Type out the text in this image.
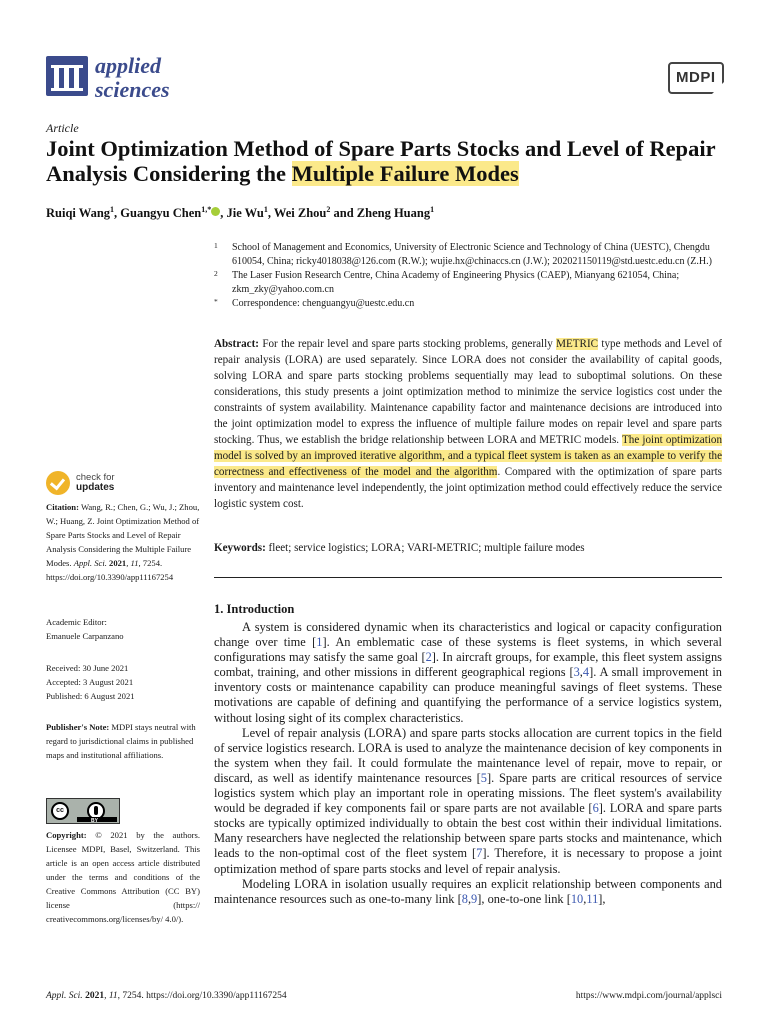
applied
sciences	MDPI
Article
Joint Optimization Method of Spare Parts Stocks and Level of Repair Analysis Considering the Multiple Failure Modes
Ruiqi Wang$^1$, Guangyu Chen$^{1,*}$ , Jie Wu$^1$, Wei Zhou$^2$ and Zheng Huang$^1$
1 School of Management and Economics, University of Electronic Science and Technology of China (UESTC), Chengdu 610054, China; ricky4018038@126.com (R.W.); wujie.hx@chinaccs.cn (J.W.); 202021150119@std.uestc.edu.cn (Z.H.)
2 The Laser Fusion Research Centre, China Academy of Engineering Physics (CAEP), Mianyang 621054, China; zkm_zky@yahoo.com.cn
* Correspondence: chenguangyu@uestc.edu.cn
Abstract: For the repair level and spare parts stocking problems, generally METRIC type methods and Level of repair analysis (LORA) are used separately. Since LORA does not consider the availability of capital goods, solving LORA and spare parts stocking problems sequentially may lead to suboptimal solutions. On these considerations, this study presents a joint optimization method to minimize the service logistics cost under the constraints of system availability. Maintenance capability factor and maintenance decisions are introduced into the joint optimization model to express the influence of multiple failure modes on repair level and spare parts stocking. Thus, we establish the bridge relationship between LORA and METRIC models. The joint optimization model is solved by an improved iterative algorithm, and a typical fleet system is taken as an example to verify the correctness and effectiveness of the model and the algorithm. Compared with the optimization of spare parts inventory and maintenance level independently, the joint optimization method could effectively reduce the service logistic system cost.
Keywords: fleet; service logistics; LORA; VARI-METRIC; multiple failure modes
1. Introduction

A system is considered dynamic when its characteristics and logical or capacity configuration change over time [1]. An emblematic case of these systems is fleet systems, in which several configurations may satisfy the same goal [2]. In aircraft groups, for example, this fleet system assigns combat, training, and other missions in different geographical regions [3,4]. A small improvement in inventory costs or maintenance capability can produce meaningful savings of fleet systems. These motivations are capable of defining and quantifying the performance of a service logistics system, without losing sight of its complex characteristics.

Level of repair analysis (LORA) and spare parts stocks allocation are current topics in the field of service logistics research. LORA is used to analyze the maintenance decision of key components in the system when they fail. It could formulate the maintenance level of repair, move to repair, or discard, as well as identify maintenance resources [5]. Spare parts are critical resources of service logistics system which play an important role in operating missions. The fleet system's availability would be degraded if key components fail or spare parts are not available [6]. LORA and spare parts stocks are typically optimized individually to obtain the best cost within their individual limitations. Many researchers have neglected the relationship between spare parts stocks and maintenance, which leads to the non-optimal cost of the fleet system [7]. Therefore, it is necessary to propose a joint optimization method of spare parts stocks and level of repair analysis.

Modeling LORA in isolation usually requires an explicit relationship between components and maintenance resources such as one-to-many link [8,9], one-to-one link [10,11],

check for
updates
Citation: Wang, R.; Chen, G.; Wu, J.; Zhou, W.; Huang, Z. Joint Optimization Method of Spare Parts Stocks and Level of Repair Analysis Considering the Multiple Failure Modes. Appl. Sci. 2021, 11, 7254. https://doi.org/10.3390/app11167254
Academic Editor:
Emanuele Carpanzano
Received: 30 June 2021
Accepted: 3 August 2021
Published: 6 August 2021
Publisher's Note: MDPI stays neutral with regard to jurisdictional claims in published maps and institutional affiliations.
cc
BY
Copyright: © 2021 by the authors. Licensee MDPI, Basel, Switzerland. This article is an open access article distributed under the terms and conditions of the Creative Commons Attribution (CC BY) license (https:// creativecommons.org/licenses/by/ 4.0/).
Appl. Sci. 2021, 11, 7254. https://doi.org/10.3390/app11167254	https://www.mdpi.com/journal/applsci
